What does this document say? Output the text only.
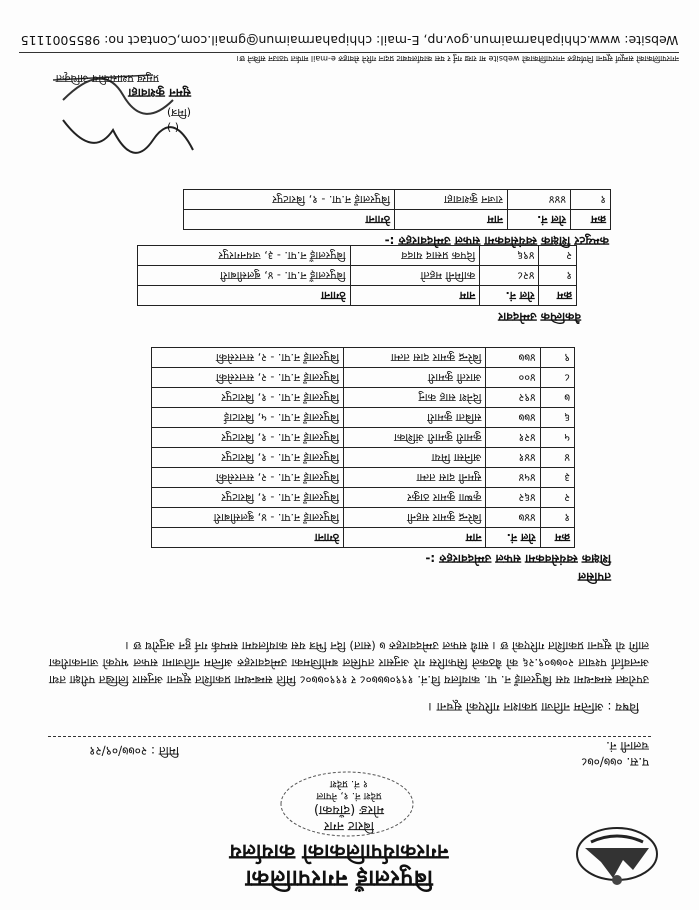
बिपुरलाइँ नगरपालिका
नगरकार्यपालिकाको कार्यालय
बिराट नगर
मोरङ (दाँयका)
प्रदेश नं. १, नेपाल
१ नं. प्रदेश
प.स. ०७७/०७८
चलानी नं.
मिति : २०७७/०९/२१
विषय : अन्तिम नतिजा प्रकाशन गरिएको सूचना ।
उपरोक्त सम्बन्धमा यस बिपुरलाइँ न. पा. कार्यालय वि.नं. १९९०७७७०८ र १९९०७७०८ मिति सम्बन्धमा प्रकाशित सूचना अनुसार लिखित परीक्षा तथा अन्तर्वार्ता पश्चात २०७७०९.२६ को बैठकले सिफारिस गरे अनुसार तपसिल बमोजिमका उम्मेदवारहरु अन्तिम नतिजामा सफल भएको जानकारीका लागि यो सूचना प्रकाशित गरिएको छ । साथै सफल उम्मेदवारहरु ७ (सात) दिन भित्र यस कार्यालयमा सम्पर्क गर्न हुन अनुरोध छ ।
तपसिल
शिक्षक स्वयंसेवकमा सफल उम्मेदवारहरु :-
क्रम	रोल नं.	नाम	ठेगाना
१	४४७	बिरेन्द्र कुमार सहनी	बिपुरलाइँ न.पा. - ४, बुलसीबारी
२	४६२	कृष्णा कुमार ठाकुर	बिपुरलाइँ न.पा. - १, बिराटपुर
३	४५४	सुमनी दास तत्मा	बिपुरलाइँ न.पा. - २, सत्तरसेकी
४	४४१	अनिसा मिया	बिपुरलाइँ न.पा. - १, बिराटपुर
५	४२१	कुमारी कुमारी अंशिका	बिपुरलाइँ न.पा. - १, बिराटपुर
६	४७७	सबिता कुमारी	बिपुरलाइँ न.पा. - ५, बिराटाई
७	४९२	दिनेश साह कानु	बिपुरलाइँ न.पा. - १, बिराटपुर
८	४००	आरती कुमारी	बिपुरलाइँ न.पा. - २, सत्तरसेकी
९	४७७	बिरेन्द्र कुमार दास तत्मा	बिपुरलाइँ न.पा. - २, सत्तरसेकी
वैकल्पिक उम्मेदवार
क्रम	रोल नं.	नाम	ठेगाना
१	४२८	कामिनी महतो	बिपुरलाइँ न.पा. - ४, बुलसीबारी
२	४९६	दिपक प्रसाद यादव	बिपुरलाइँ न.पा. - ३, जयनगरपुर
कम्प्युटर शिक्षक स्वयंसेवकमा सफल उम्मेदवारहरु :-
क्रम	रोल नं.	नाम	ठेगाना
१	४४४	राजन कुशवाहा	बिपुरलाइँ न.पा. - १, बिराटपुर
( )
(मित्र)
सुमन कुशवाहा
प्रमुख प्रशासकीय अधिकृत
नगरपालिकाको सम्पूर्ण सूचना निर्णयहरु नगरपालिकाको website मा राख गर्नु र यस कार्यालयबाट प्रदान गरिने सेवाहरु e-mail मार्फत पठाउन सकिने छ।
Website: www.chhipaharmaimun.gov.np, E-mail: chhipaharmaimun@gmail.com,Contact no: 9855001115
